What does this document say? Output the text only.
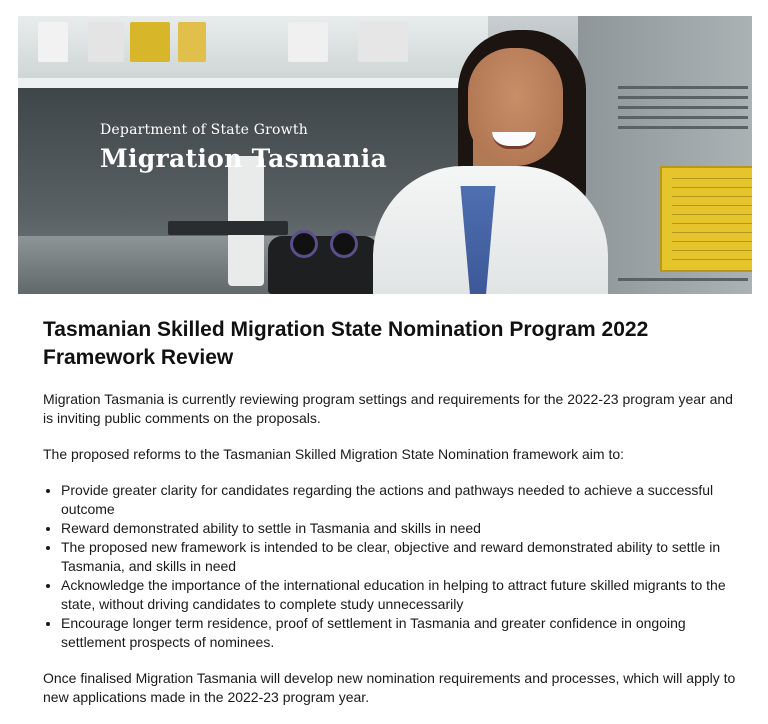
Department of State Growth
Migration Tasmania
Tasmanian Skilled Migration State Nomination Program 2022 Framework Review

Migration Tasmania is currently reviewing program settings and requirements for the 2022-23 program year and is inviting public comments on the proposals.

The proposed reforms to the Tasmanian Skilled Migration State Nomination framework aim to:

• Provide greater clarity for candidates regarding the actions and pathways needed to achieve a successful outcome
• Reward demonstrated ability to settle in Tasmania and skills in need
• The proposed new framework is intended to be clear, objective and reward demonstrated ability to settle in Tasmania, and skills in need
• Acknowledge the importance of the international education in helping to attract future skilled migrants to the state, without driving candidates to complete study unnecessarily
• Encourage longer term residence, proof of settlement in Tasmania and greater confidence in ongoing settlement prospects of nominees.

Once finalised Migration Tasmania will develop new nomination requirements and processes, which will apply to new applications made in the 2022-23 program year.
